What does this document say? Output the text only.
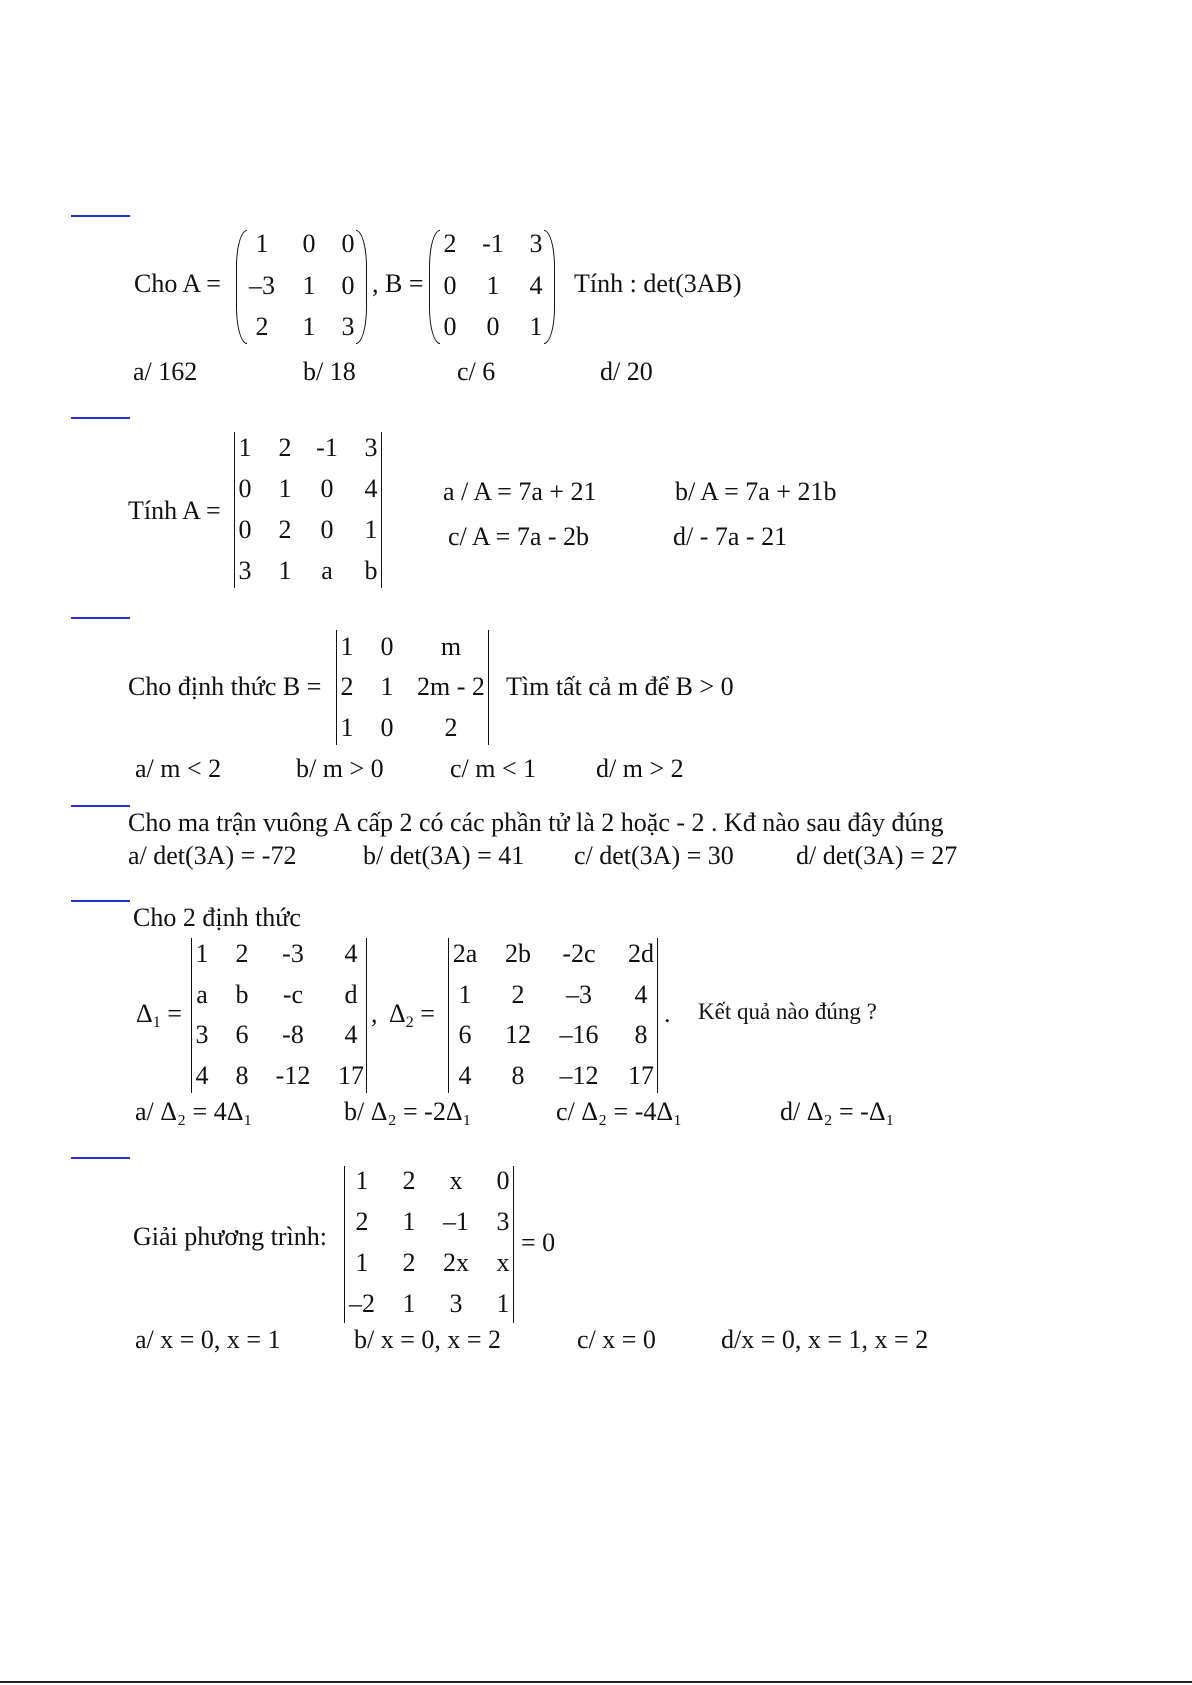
Cho A =
1 0 0
–3 1 0
2 1 3
, B =
2 -1 3
0 1 4
0 0 1
Tính : det(3AB)
a/ 162	b/ 18	c/ 6	d/ 20
Tính A =
1 2 -1 3
0 1 0 4
0 2 0 1
3 1 a b
a / A = 7a + 21	b/ A = 7a + 21b
c/ A = 7a - 2b	d/ - 7a - 21
Cho định thức B =
1 0 m
2 1 2m - 2
1 0 2
Tìm tất cả m để B > 0
a/ m < 2	b/ m > 0	c/ m < 1 d/ m > 2
Cho ma trận vuông A cấp 2 có các phần tử là 2 hoặc - 2 . Kđ nào sau đây đúng
a/ det(3A) = -72	b/ det(3A) = 41 c/ det(3A) = 30 d/ det(3A) = 27
Cho 2 định thức
$\Delta_1$ =
1 2 -3 4
a b -c d
3 6 -8 4
4 8 -12 17
, $\Delta_2$ =
2a 2b -2c 2d
1 2 –3 4
6 12 –16 8
4 8 –12 17
. Kết quả nào đúng ?
a/ Δ₂ = 4Δ₁	b/ Δ₂ = -2Δ₁	c/ Δ₂ = -4Δ₁	d/ Δ₂ = -Δ₁
Giải phương trình:
1 2 x 0
2 1 –1 3
1 2 2x x
–2 1 3 1
= 0
a/ x = 0, x = 1	b/ x = 0, x = 2	c/ x = 0	d/x = 0, x = 1, x = 2
